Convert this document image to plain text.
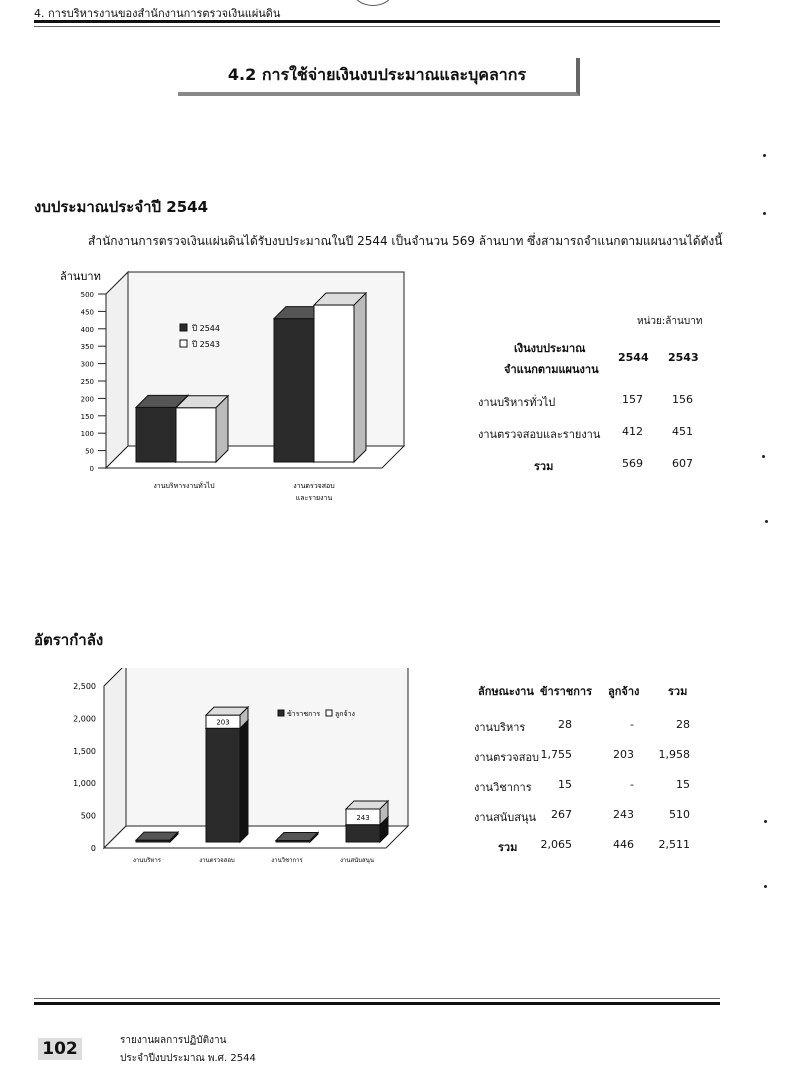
4. การบริหารงานของสำนักงานการตรวจเงินแผ่นดิน
4.2 การใช้จ่ายเงินงบประมาณและบุคลากร
งบประมาณประจำปี 2544
สำนักงานการตรวจเงินแผ่นดินได้รับงบประมาณในปี 2544 เป็นจำนวน 569 ล้านบาท ซึ่งสามารถจำแนกตามแผนงานได้ดังนี้
ล้านบาท
0
50
100
150
200
250
300
350
400
450
500
งานบริหารงานทั่วไป	งานตรวจสอบ
และรายงาน
ปี 2544
ปี 2543
หน่วย:ล้านบาท
เงินงบประมาณ
จำแนกตามแผนงาน
2544 2543
งานบริหารทั่วไป	157	156
งานตรวจสอบและรายงาน 412	451
รวม	569	607
อัตรากำลัง
0
500
1,000
1,500
2,000
2,500
งานบริหาร
203
งานตรวจสอบ	งานวิชาการ
243
งานสนับสนุน
ข้าราชการ ลูกจ้าง
ลักษณะงาน ข้าราชการ ลูกจ้าง	รวม
งานบริหาร	28	-	28
งานตรวจสอบ 1,755	203 1,958
งานวิชาการ 15	-	15
งานสนับสนุน 267	243	510
รวม 2,065	446 2,511
102	รายงานผลการปฏิบัติงาน
ประจำปีงบประมาณ พ.ศ. 2544
